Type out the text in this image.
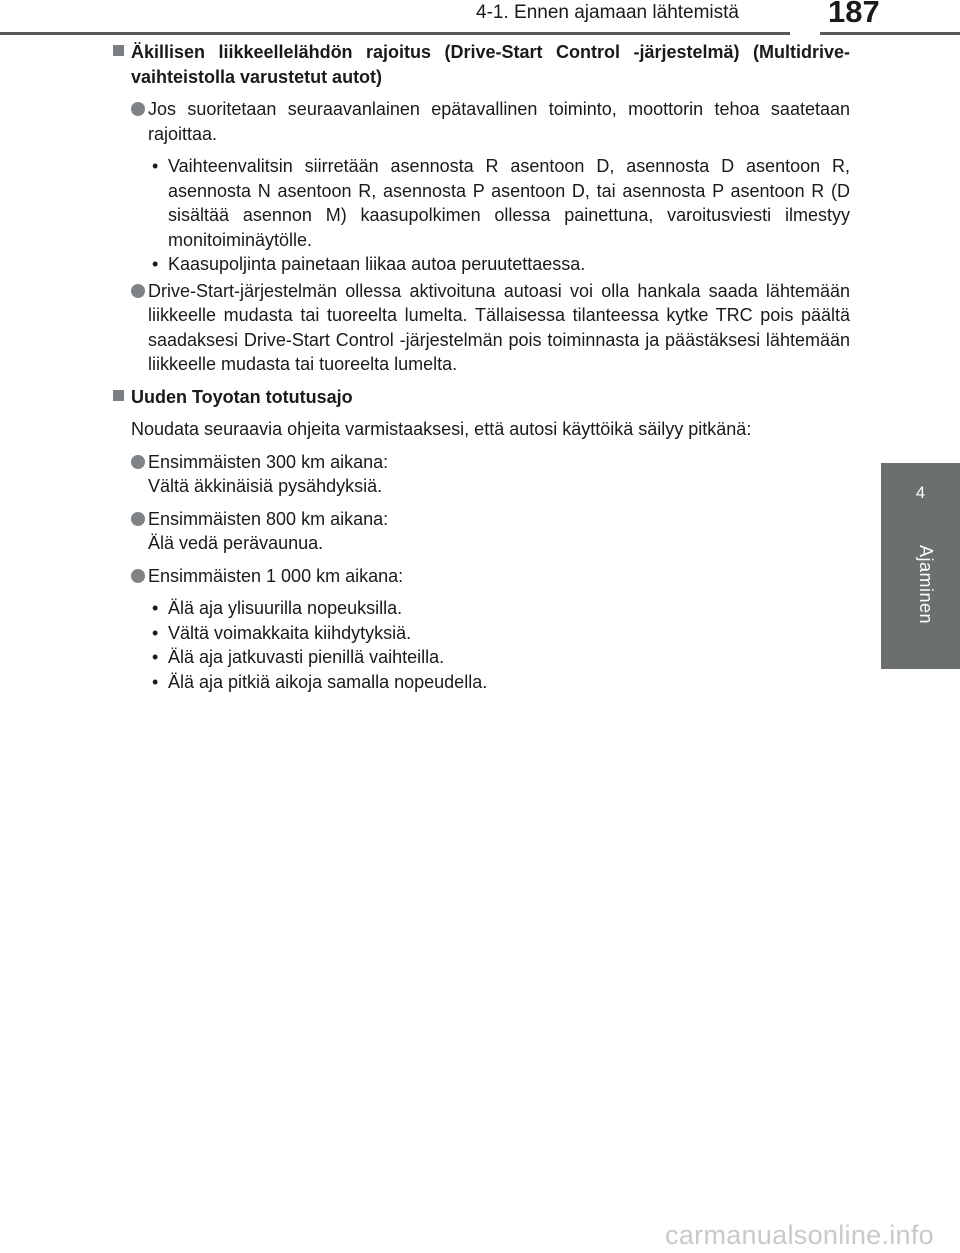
4-1. Ennen ajamaan lähtemistä	187
4
Ajaminen
Äkillisen liikkeellelähdön rajoitus (Drive-Start Control -järjestelmä) (Multidrive-vaihteistolla varustetut autot)
Jos suoritetaan seuraavanlainen epätavallinen toiminto, moottorin tehoa saatetaan rajoittaa.
• Vaihteenvalitsin siirretään asennosta R asentoon D, asennosta D asentoon R, asennosta N asentoon R, asennosta P asentoon D, tai asennosta P asentoon R (D sisältää asennon M) kaasupolkimen ollessa painettuna, varoitusviesti ilmestyy monitoiminäytölle.
• Kaasupoljinta painetaan liikaa autoa peruutettaessa.
Drive-Start-järjestelmän ollessa aktivoituna autoasi voi olla hankala saada lähtemään liikkeelle mudasta tai tuoreelta lumelta. Tällaisessa tilanteessa kytke TRC pois päältä saadaksesi Drive-Start Control -järjestelmän pois toiminnasta ja päästäksesi lähtemään liikkeelle mudasta tai tuoreelta lumelta.
Uuden Toyotan totutusajo
Noudata seuraavia ohjeita varmistaaksesi, että autosi käyttöikä säilyy pitkänä:
Ensimmäisten 300 km aikana:
Vältä äkkinäisiä pysähdyksiä.
Ensimmäisten 800 km aikana:
Älä vedä perävaunua.
Ensimmäisten 1 000 km aikana:
• Älä aja ylisuurilla nopeuksilla.
• Vältä voimakkaita kiihdytyksiä.
• Älä aja jatkuvasti pienillä vaihteilla.
• Älä aja pitkiä aikoja samalla nopeudella.
carmanualsonline.info
